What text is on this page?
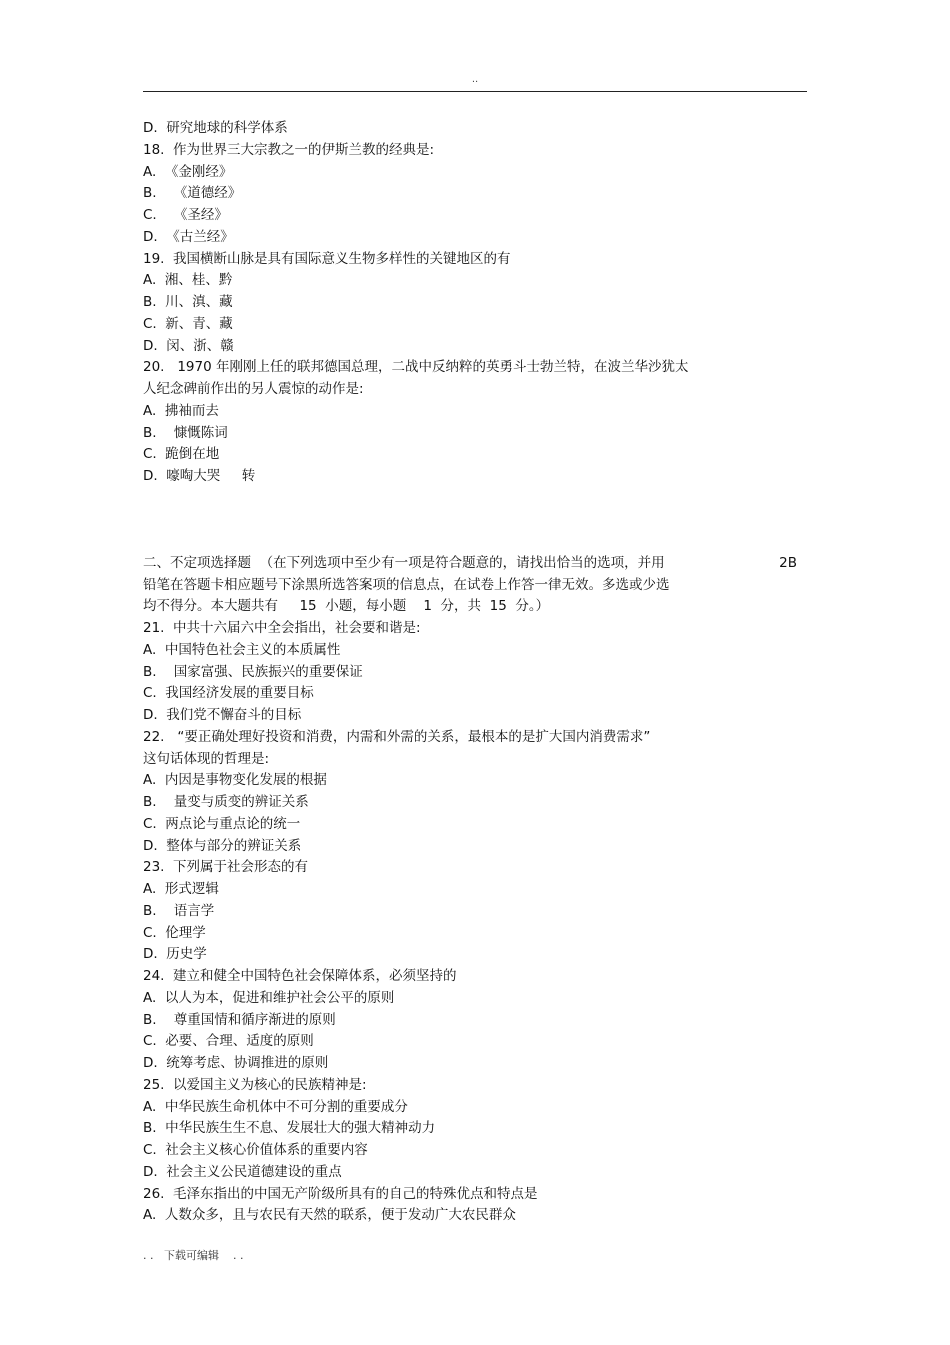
..
D.  研究地球的科学体系
18.  作为世界三大宗教之一的伊斯兰教的经典是:
A.  《金刚经》
B.    《道德经》
C.    《圣经》
D.  《古兰经》
19.  我国横断山脉是具有国际意义生物多样性的关键地区的有
A.  湘、桂、黔
B.  川、滇、藏
C.  新、青、藏
D.  闵、浙、赣
20.   1970 年刚刚上任的联邦德国总理，二战中反纳粹的英勇斗士勃兰特，在波兰华沙犹太
人纪念碑前作出的另人震惊的动作是:
A.  拂袖而去
B.    慷慨陈词
C.  跪倒在地
D.  嚎啕大哭     转
二、不定项选择题  （在下列选项中至少有一项是符合题意的，请找出恰当的选项，并用	2B
铅笔在答题卡相应题号下涂黑所选答案项的信息点，在试卷上作答一律无效。多选或少选
均不得分。本大题共有     15  小题，每小题    1  分，共  15  分。）
21.  中共十六届六中全会指出，社会要和谐是:
A.  中国特色社会主义的本质属性
B.    国家富强、民族振兴的重要保证
C.  我国经济发展的重要目标
D.  我们党不懈奋斗的目标
22.   “要正确处理好投资和消费，内需和外需的关系，最根本的是扩大国内消费需求”
这句话体现的哲理是:
A.  内因是事物变化发展的根据
B.    量变与质变的辨证关系
C.  两点论与重点论的统一
D.  整体与部分的辨证关系
23.  下列属于社会形态的有
A.  形式逻辑
B.    语言学
C.  伦理学
D.  历史学
24.  建立和健全中国特色社会保障体系，必须坚持的
A.  以人为本，促进和维护社会公平的原则
B.    尊重国情和循序渐进的原则
C.  必要、合理、适度的原则
D.  统筹考虑、协调推进的原则
25.  以爱国主义为核心的民族精神是:
A.  中华民族生命机体中不可分割的重要成分
B.  中华民族生生不息、发展壮大的强大精神动力
C.  社会主义核心价值体系的重要内容
D.  社会主义公民道德建设的重点
26.  毛泽东指出的中国无产阶级所具有的自己的特殊优点和特点是
A.  人数众多，且与农民有天然的联系，便于发动广大农民群众
. .   下载可编辑    . .
